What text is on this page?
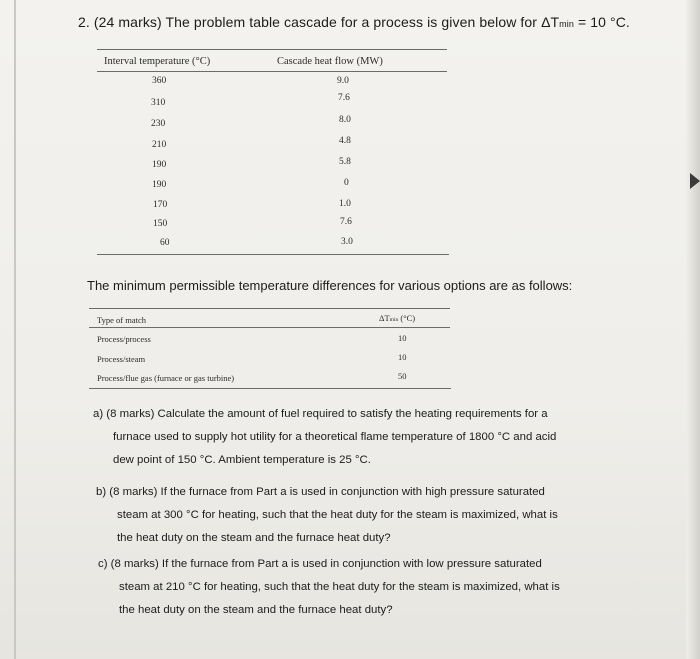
2. (24 marks) The problem table cascade for a process is given below for ΔTmin = 10 °C.
Interval temperature (°C)	Cascade heat flow (MW)
360	9.0
310	7.6
230	8.0
210	4.8
190	5.8
190	0
170	1.0
150	7.6
60	3.0
The minimum permissible temperature differences for various options are as follows:
Type of match	ΔTmin (°C)
Process/process	10
Process/steam	10
Process/flue gas (furnace or gas turbine)	50
a) (8 marks) Calculate the amount of fuel required to satisfy the heating requirements for a
furnace used to supply hot utility for a theoretical flame temperature of 1800 °C and acid
dew point of 150 °C. Ambient temperature is 25 °C.
b) (8 marks) If the furnace from Part a is used in conjunction with high pressure saturated
steam at 300 °C for heating, such that the heat duty for the steam is maximized, what is
the heat duty on the steam and the furnace heat duty?
c) (8 marks) If the furnace from Part a is used in conjunction with low pressure saturated
steam at 210 °C for heating, such that the heat duty for the steam is maximized, what is
the heat duty on the steam and the furnace heat duty?
